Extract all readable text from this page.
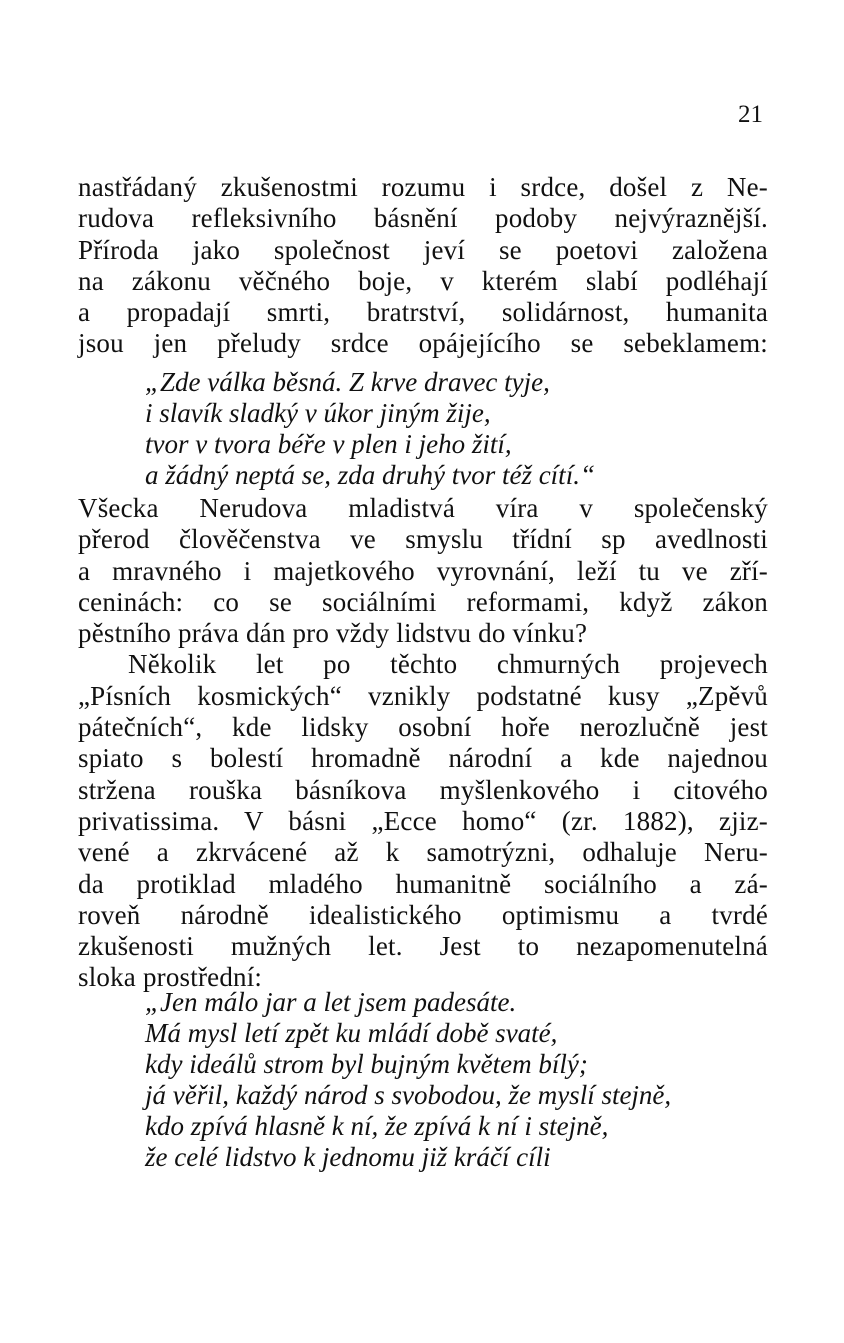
21
nastřádaný zkušenostmi rozumu i srdce, došel z Ne-
rudova refleksivního básnění podoby nejvýraznější.
Příroda jako společnost jeví se poetovi založena
na zákonu věčného boje, v kterém slabí podléhají
a propadají smrti, bratrství, solidárnost, humanita
jsou jen přeludy srdce opájejícího se sebeklamem:
„Zde válka běsná. Z krve dravec tyje,
i slavík sladký v úkor jiným žije,
tvor v tvora béře v plen i jeho žití,
a žádný neptá se, zda druhý tvor též cítí.“
Všecka Nerudova mladistvá víra v společenský
přerod člověčenstva ve smyslu třídní sp avedlnosti
a mravného i majetkového vyrovnání, leží tu ve zří-
ceninách: co se sociálními reformami, když zákon
pěstního práva dán pro vždy lidstvu do vínku?
Několik let po těchto chmurných projevech
„Písních kosmických“ vznikly podstatné kusy „Zpěvů
pátečních“, kde lidsky osobní hoře nerozlučně jest
spiato s bolestí hromadně národní a kde najednou
stržena rouška básníkova myšlenkového i citového
privatissima. V básni „Ecce homo“ (zr. 1882), zjiz-
vené a zkrvácené až k samotrýzni, odhaluje Neru-
da protiklad mladého humanitně sociálního a zá-
roveň národně idealistického optimismu a tvrdé
zkušenosti mužných let. Jest to nezapomenutelná
sloka prostřední:
„Jen málo jar a let jsem padesáte.
Má mysl letí zpět ku mládí době svaté,
kdy ideálů strom byl bujným květem bílý;
já věřil, každý národ s svobodou, že myslí stejně,
kdo zpívá hlasně k ní, že zpívá k ní i stejně,
že celé lidstvo k jednomu již kráčí cíli
